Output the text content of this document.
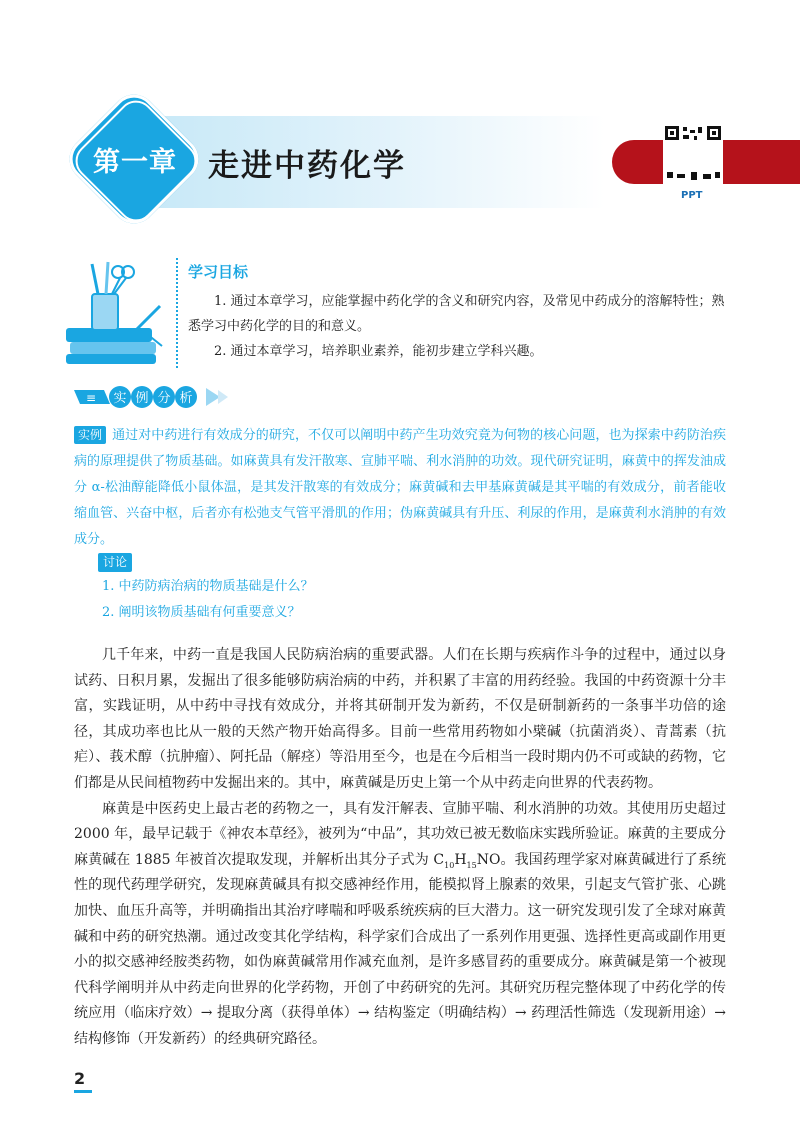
第一章	走进中药化学
PPT
学习目标

1. 通过本章学习，应能掌握中药化学的含义和研究内容，及常见中药成分的溶解特性；熟悉学习中药化学的目的和意义。

2. 通过本章学习，培养职业素养，能初步建立学科兴趣。

≡ 实 例 分 析
实例 通过对中药进行有效成分的研究，不仅可以阐明中药产生功效究竟为何物的核心问题，也为探索中药防治疾病的原理提供了物质基础。如麻黄具有发汗散寒、宣肺平喘、利水消肿的功效。现代研究证明，麻黄中的挥发油成分 α-松油醇能降低小鼠体温，是其发汗散寒的有效成分；麻黄碱和去甲基麻黄碱是其平喘的有效成分，前者能收缩血管、兴奋中枢，后者亦有松弛支气管平滑肌的作用；伪麻黄碱具有升压、利尿的作用，是麻黄利水消肿的有效成分。
讨论
1. 中药防病治病的物质基础是什么？
2. 阐明该物质基础有何重要意义？

几千年来，中药一直是我国人民防病治病的重要武器。人们在长期与疾病作斗争的过程中，通过以身试药、日积月累，发掘出了很多能够防病治病的中药，并积累了丰富的用药经验。我国的中药资源十分丰富，实践证明，从中药中寻找有效成分，并将其研制开发为新药，不仅是研制新药的一条事半功倍的途径，其成功率也比从一般的天然产物开始高得多。目前一些常用药物如小檗碱（抗菌消炎）、青蒿素（抗疟）、莪术醇（抗肿瘤）、阿托品（解痉）等沿用至今，也是在今后相当一段时期内仍不可或缺的药物，它们都是从民间植物药中发掘出来的。其中，麻黄碱是历史上第一个从中药走向世界的代表药物。

麻黄是中医药史上最古老的药物之一，具有发汗解表、宣肺平喘、利水消肿的功效。其使用历史超过 2000 年，最早记载于《神农本草经》，被列为“中品”，其功效已被无数临床实践所验证。麻黄的主要成分麻黄碱在 1885 年被首次提取发现，并解析出其分子式为 $C_{10}H_{15}NO$。我国药理学家对麻黄碱进行了系统性的现代药理学研究，发现麻黄碱具有拟交感神经作用，能模拟肾上腺素的效果，引起支气管扩张、心跳加快、血压升高等，并明确指出其治疗哮喘和呼吸系统疾病的巨大潜力。这一研究发现引发了全球对麻黄碱和中药的研究热潮。通过改变其化学结构，科学家们合成出了一系列作用更强、选择性更高或副作用更小的拟交感神经胺类药物，如伪麻黄碱常用作减充血剂，是许多感冒药的重要成分。麻黄碱是第一个被现代科学阐明并从中药走向世界的化学药物，开创了中药研究的先河。其研究历程完整体现了中药化学的传统应用（临床疗效）→ 提取分离（获得单体）→ 结构鉴定（明确结构）→ 药理活性筛选（发现新用途）→ 结构修饰（开发新药）的经典研究路径。

2
